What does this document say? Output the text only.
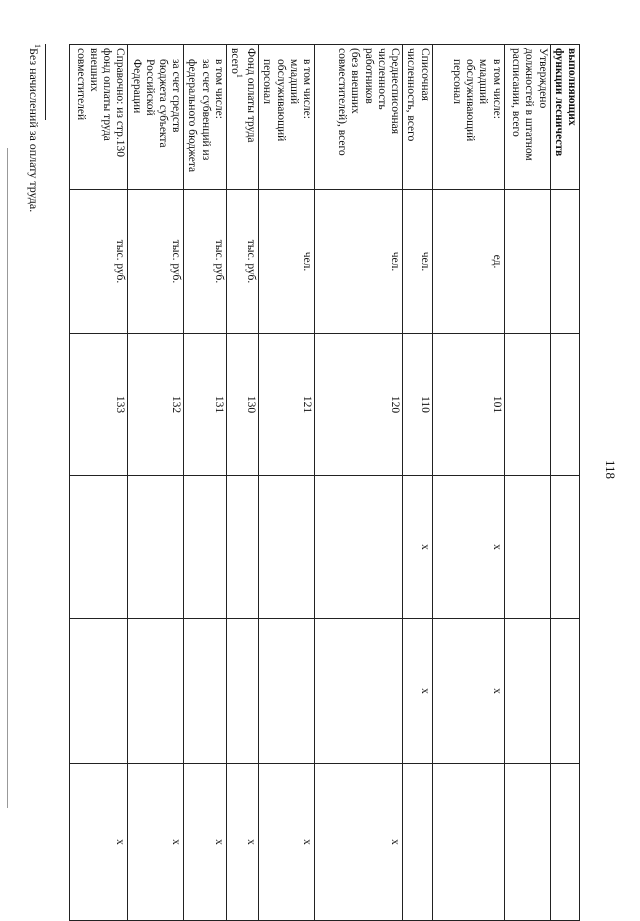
118
выполняющих
функции лесничеств					
Утверждено
должностей в штатном
расписании, всего					
в том числе:
младший
обслуживающий
персонал	ед.	101	x	x	
Списочная
численность, всего	чел.	110	x	x	
Среднесписочная
численность
работников
(без внешних
совместителей), всего	чел.	120			x
в том числе:
младший
обслуживающий
персонал	чел.	121			x
Фонд оплаты труда
всего$^1$	тыс. руб.	130			x
в том числе:
за счет субвенций из
федерального бюджета	тыс. руб.	131			x
за счет средств
бюджета субъекта
Российской
Федерации	тыс. руб.	132			x
Справочно: из стр.130
фонд оплаты труда
внешних
совместителей	тыс. руб.	133			x
$^1$Без начислений за оплату труда.
